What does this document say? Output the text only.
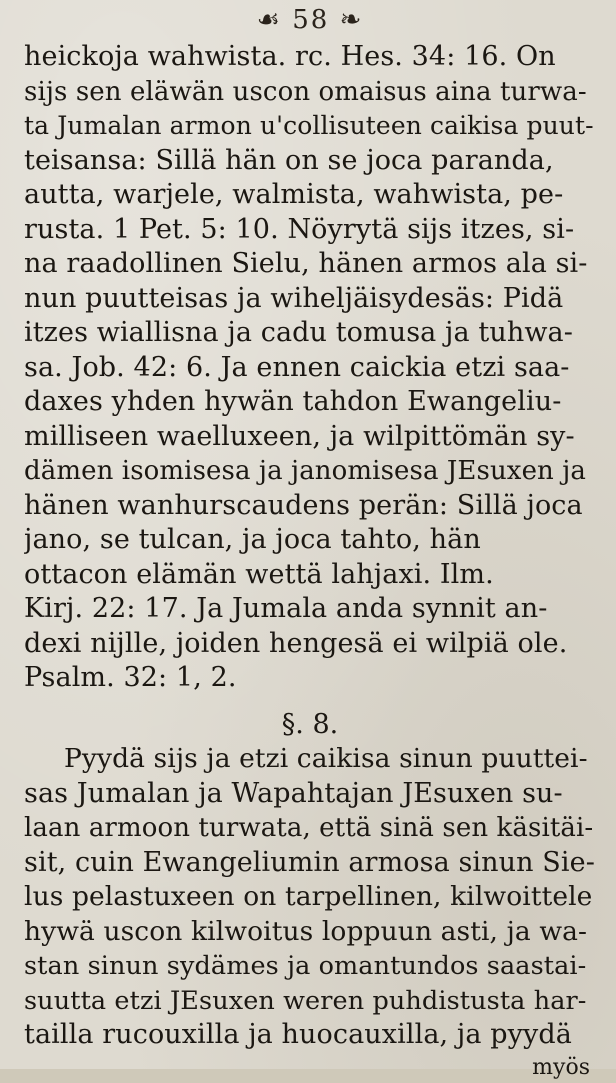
☙ 58 ❧
heickoja wahwista. rc. Hes. 34: 16. On
sijs sen eläwän uscon omaisus aina turwa-
ta Jumalan armon u'collisuteen caikisa puut-
teisansa: Sillä hän on se joca paranda,
autta, warjele, walmista, wahwista, pe-
rusta. 1 Pet. 5: 10. Nöyrytä sijs itzes, si-
na raadollinen Sielu, hänen armos ala si-
nun puutteisas ja wiheljäisydesäs: Pidä
itzes wiallisna ja cadu tomusa ja tuhwa-
sa. Job. 42: 6. Ja ennen caickia etzi saa-
daxes yhden hywän tahdon Ewangeliu-
milliseen waelluxeen, ja wilpittömän sy-
dämen isomisesa ja janomisesa JEsuxen ja
hänen wanhurscaudens perän: Sillä joca
jano, se tulcan, ja joca tahto, hän
ottacon elämän wettä lahjaxi. Ilm.
Kirj. 22: 17. Ja Jumala anda synnit an-
dexi nijlle, joiden hengesä ei wilpiä ole.
Psalm. 32: 1, 2.
§. 8.
Pyydä sijs ja etzi caikisa sinun puuttei-
sas Jumalan ja Wapahtajan JEsuxen su-
laan armoon turwata, että sinä sen käsitäi-
sit, cuin Ewangeliumin armosa sinun Sie-
lus pelastuxeen on tarpellinen, kilwoittele
hywä uscon kilwoitus loppuun asti, ja wa-
stan sinun sydämes ja omantundos saastai-
suutta etzi JEsuxen weren puhdistusta har-
tailla rucouxilla ja huocauxilla, ja pyydä
myös
